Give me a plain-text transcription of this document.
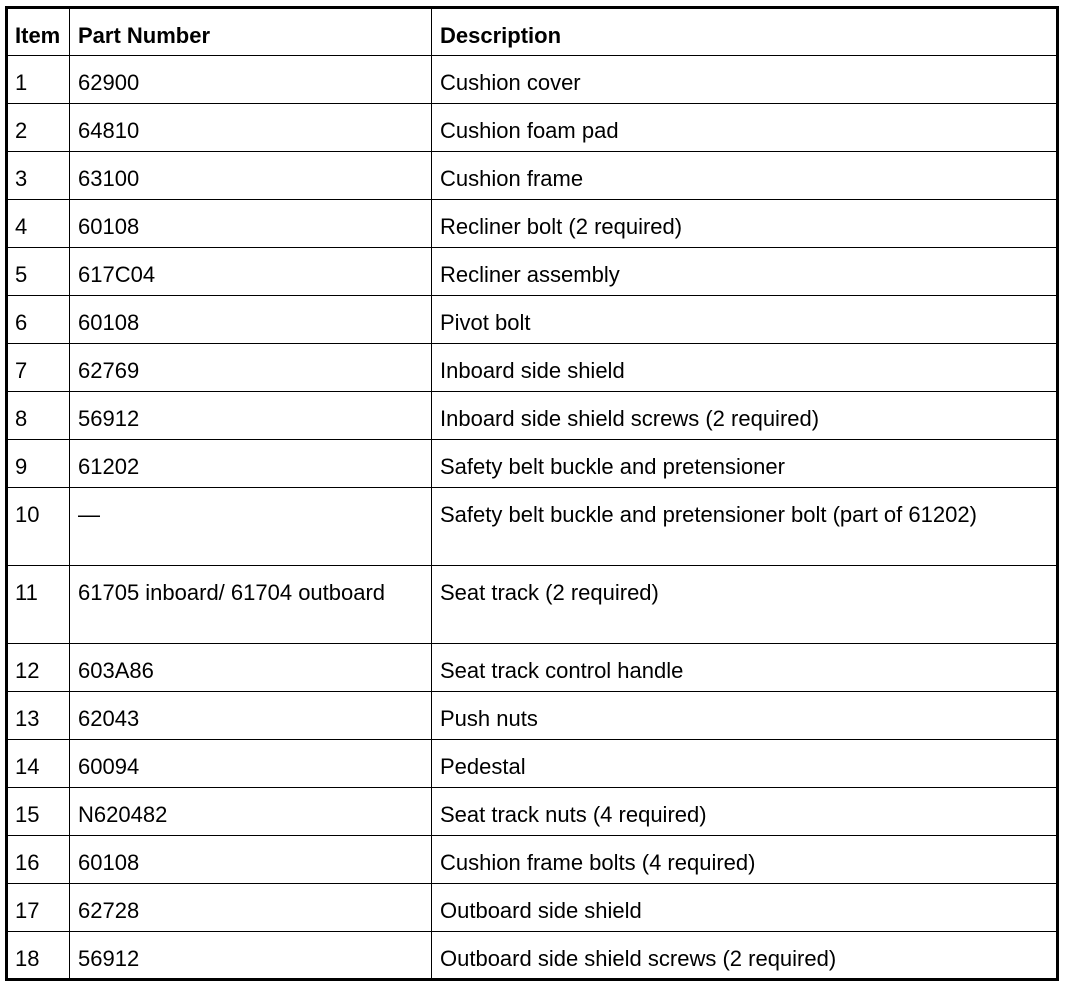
Item	Part Number	Description
1	62900	Cushion cover
2	64810	Cushion foam pad
3	63100	Cushion frame
4	60108	Recliner bolt (2 required)
5	617C04	Recliner assembly
6	60108	Pivot bolt
7	62769	Inboard side shield
8	56912	Inboard side shield screws (2 required)
9	61202	Safety belt buckle and pretensioner
10	—	Safety belt buckle and pretensioner bolt (part of 61202)
11	61705 inboard/ 61704 outboard	Seat track (2 required)
12	603A86	Seat track control handle
13	62043	Push nuts
14	60094	Pedestal
15	N620482	Seat track nuts (4 required)
16	60108	Cushion frame bolts (4 required)
17	62728	Outboard side shield
18	56912	Outboard side shield screws (2 required)
